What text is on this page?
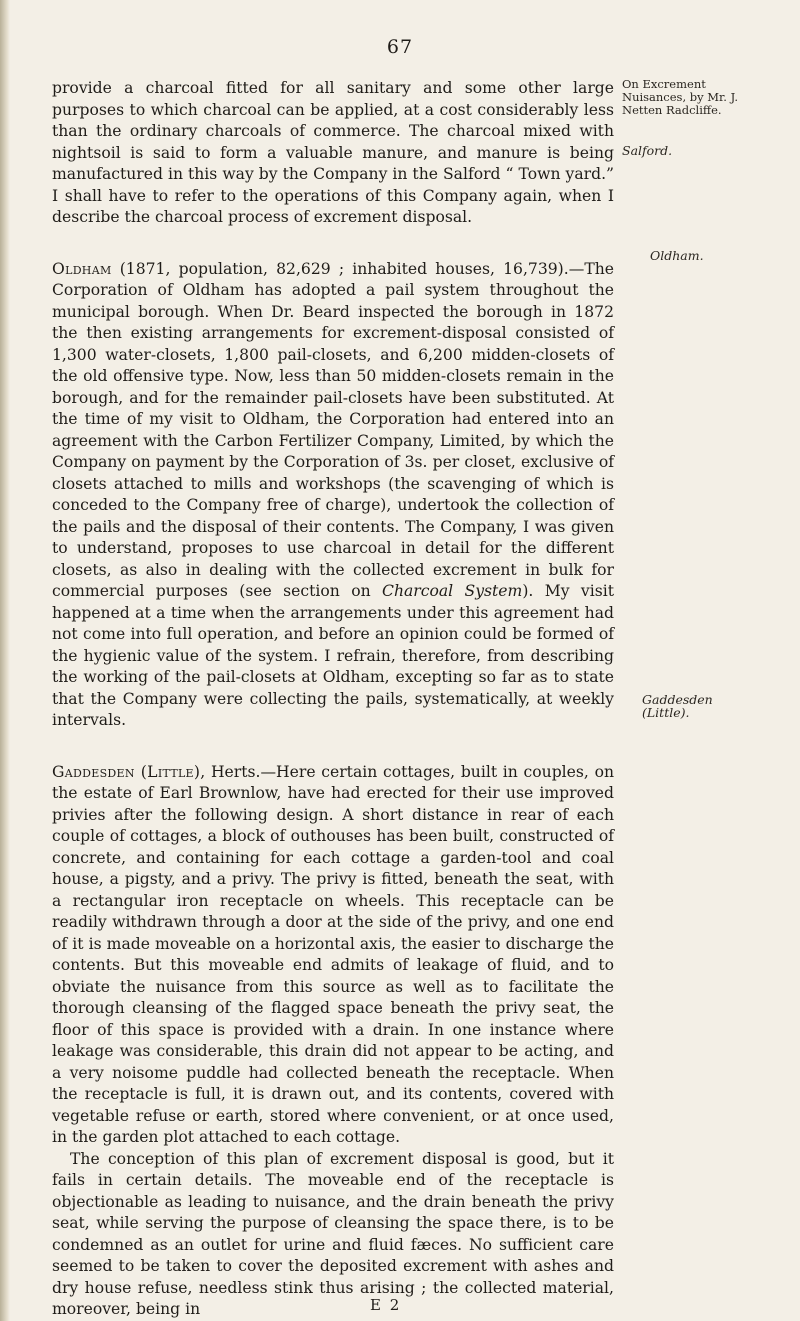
67

provide a charcoal fitted for all sanitary and some other large purposes to which charcoal can be applied, at a cost considerably less than the ordinary charcoals of commerce. The charcoal mixed with nightsoil is said to form a valuable manure, and manure is being manufactured in this way by the Company in the Salford “ Town yard.” I shall have to refer to the operations of this Company again, when I describe the charcoal process of excrement disposal.

Oldham (1871, population, 82,629 ; inhabited houses, 16,739).—The Corporation of Oldham has adopted a pail system throughout the municipal borough. When Dr. Beard inspected the borough in 1872 the then existing arrangements for excrement-disposal consisted of 1,300 water-closets, 1,800 pail-closets, and 6,200 midden-closets of the old offensive type. Now, less than 50 midden-closets remain in the borough, and for the remainder pail-closets have been substituted. At the time of my visit to Oldham, the Corporation had entered into an agreement with the Carbon Fertilizer Company, Limited, by which the Company on payment by the Corporation of 3s. per closet, exclusive of closets attached to mills and workshops (the scavenging of which is conceded to the Company free of charge), undertook the collection of the pails and the disposal of their contents. The Company, I was given to understand, proposes to use charcoal in detail for the different closets, as also in dealing with the collected excrement in bulk for commercial purposes (see section on Charcoal System). My visit happened at a time when the arrangements under this agreement had not come into full operation, and before an opinion could be formed of the hygienic value of the system. I refrain, therefore, from describing the working of the pail-closets at Oldham, excepting so far as to state that the Company were collecting the pails, systematically, at weekly intervals.

Gaddesden (Little), Herts.—Here certain cottages, built in couples, on the estate of Earl Brownlow, have had erected for their use improved privies after the following design. A short distance in rear of each couple of cottages, a block of outhouses has been built, constructed of concrete, and containing for each cottage a garden-tool and coal house, a pigsty, and a privy. The privy is fitted, beneath the seat, with a rectangular iron receptacle on wheels. This receptacle can be readily withdrawn through a door at the side of the privy, and one end of it is made moveable on a horizontal axis, the easier to discharge the contents. But this moveable end admits of leakage of fluid, and to obviate the nuisance from this source as well as to facilitate the thorough cleansing of the flagged space beneath the privy seat, the floor of this space is provided with a drain. In one instance where leakage was considerable, this drain did not appear to be acting, and a very noisome puddle had collected beneath the receptacle. When the receptacle is full, it is drawn out, and its contents, covered with vegetable refuse or earth, stored where convenient, or at once used, in the garden plot attached to each cottage.

The conception of this plan of excrement disposal is good, but it fails in certain details. The moveable end of the receptacle is objectionable as leading to nuisance, and the drain beneath the privy seat, while serving the purpose of cleansing the space there, is to be condemned as an outlet for urine and fluid fæces. No sufficient care seemed to be taken to cover the deposited excrement with ashes and dry house refuse, needless stink thus arising ; the collected material, moreover, being in

On Excrement Nuisances, by Mr. J. Netten Radcliffe.
Salford.
Oldham.
Gaddesden (Little).
E 2
